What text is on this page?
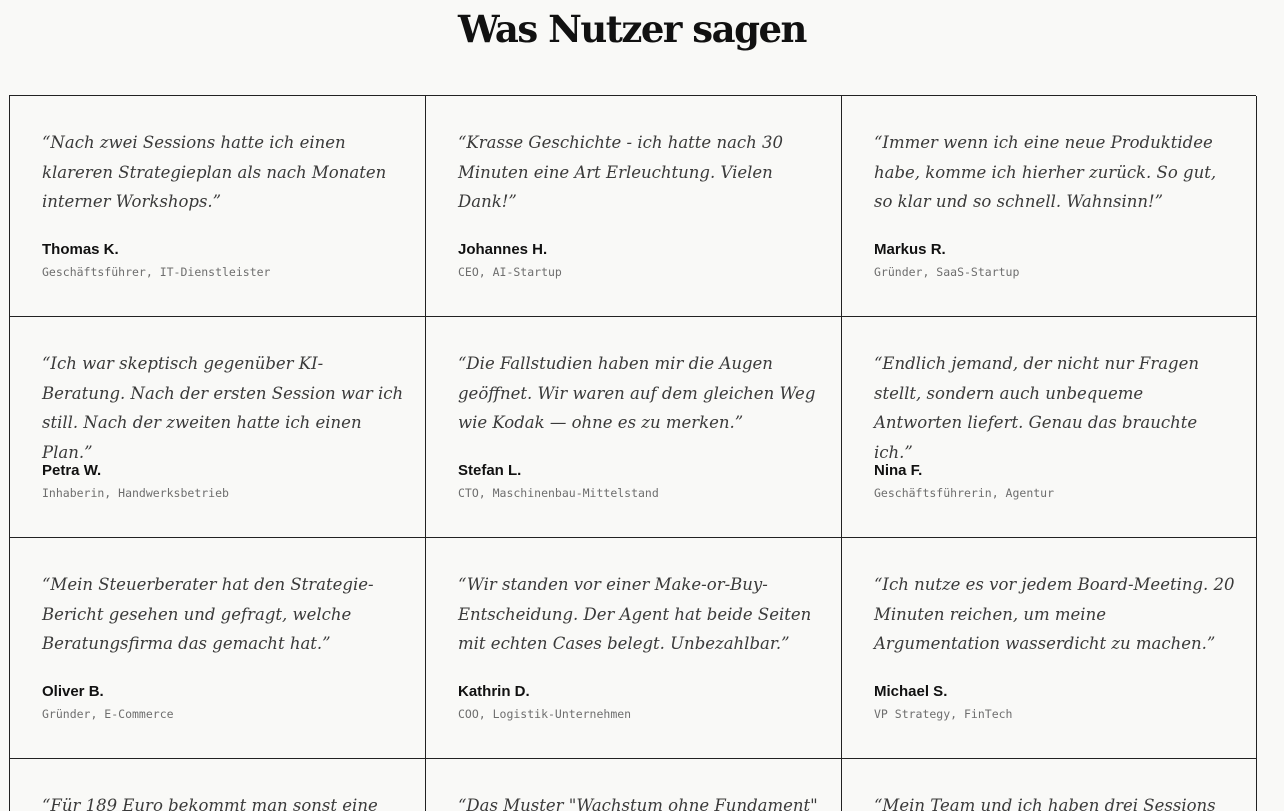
Was Nutzer sagen

“Nach zwei Sessions hatte ich einen klareren Strategieplan als nach Monaten interner Workshops.”

Thomas K.
Geschäftsführer, IT-Dienstleister

“Krasse Geschichte - ich hatte nach 30 Minuten eine Art Erleuchtung. Vielen Dank!”

Johannes H.
CEO, AI-Startup

“Immer wenn ich eine neue Produktidee habe, komme ich hierher zurück. So gut, so klar und so schnell. Wahnsinn!”

Markus R.
Gründer, SaaS-Startup

“Ich war skeptisch gegenüber KI-Beratung. Nach der ersten Session war ich still. Nach der zweiten hatte ich einen Plan.”

Petra W.
Inhaberin, Handwerksbetrieb

“Die Fallstudien haben mir die Augen geöffnet. Wir waren auf dem gleichen Weg wie Kodak — ohne es zu merken.”

Stefan L.
CTO, Maschinenbau-Mittelstand

“Endlich jemand, der nicht nur Fragen stellt, sondern auch unbequeme Antworten liefert. Genau das brauchte ich.”

Nina F.
Geschäftsführerin, Agentur

“Mein Steuerberater hat den Strategie-Bericht gesehen und gefragt, welche Beratungsfirma das gemacht hat.”

Oliver B.
Gründer, E-Commerce

“Wir standen vor einer Make-or-Buy-Entscheidung. Der Agent hat beide Seiten mit echten Cases belegt. Unbezahlbar.”

Kathrin D.
COO, Logistik-Unternehmen

“Ich nutze es vor jedem Board-Meeting. 20 Minuten reichen, um meine Argumentation wasserdicht zu machen.”

Michael S.
VP Strategy, FinTech

“Für 189 Euro bekommt man sonst eine	“Das Muster "Wachstum ohne Fundament"	“Mein Team und ich haben drei Sessions
